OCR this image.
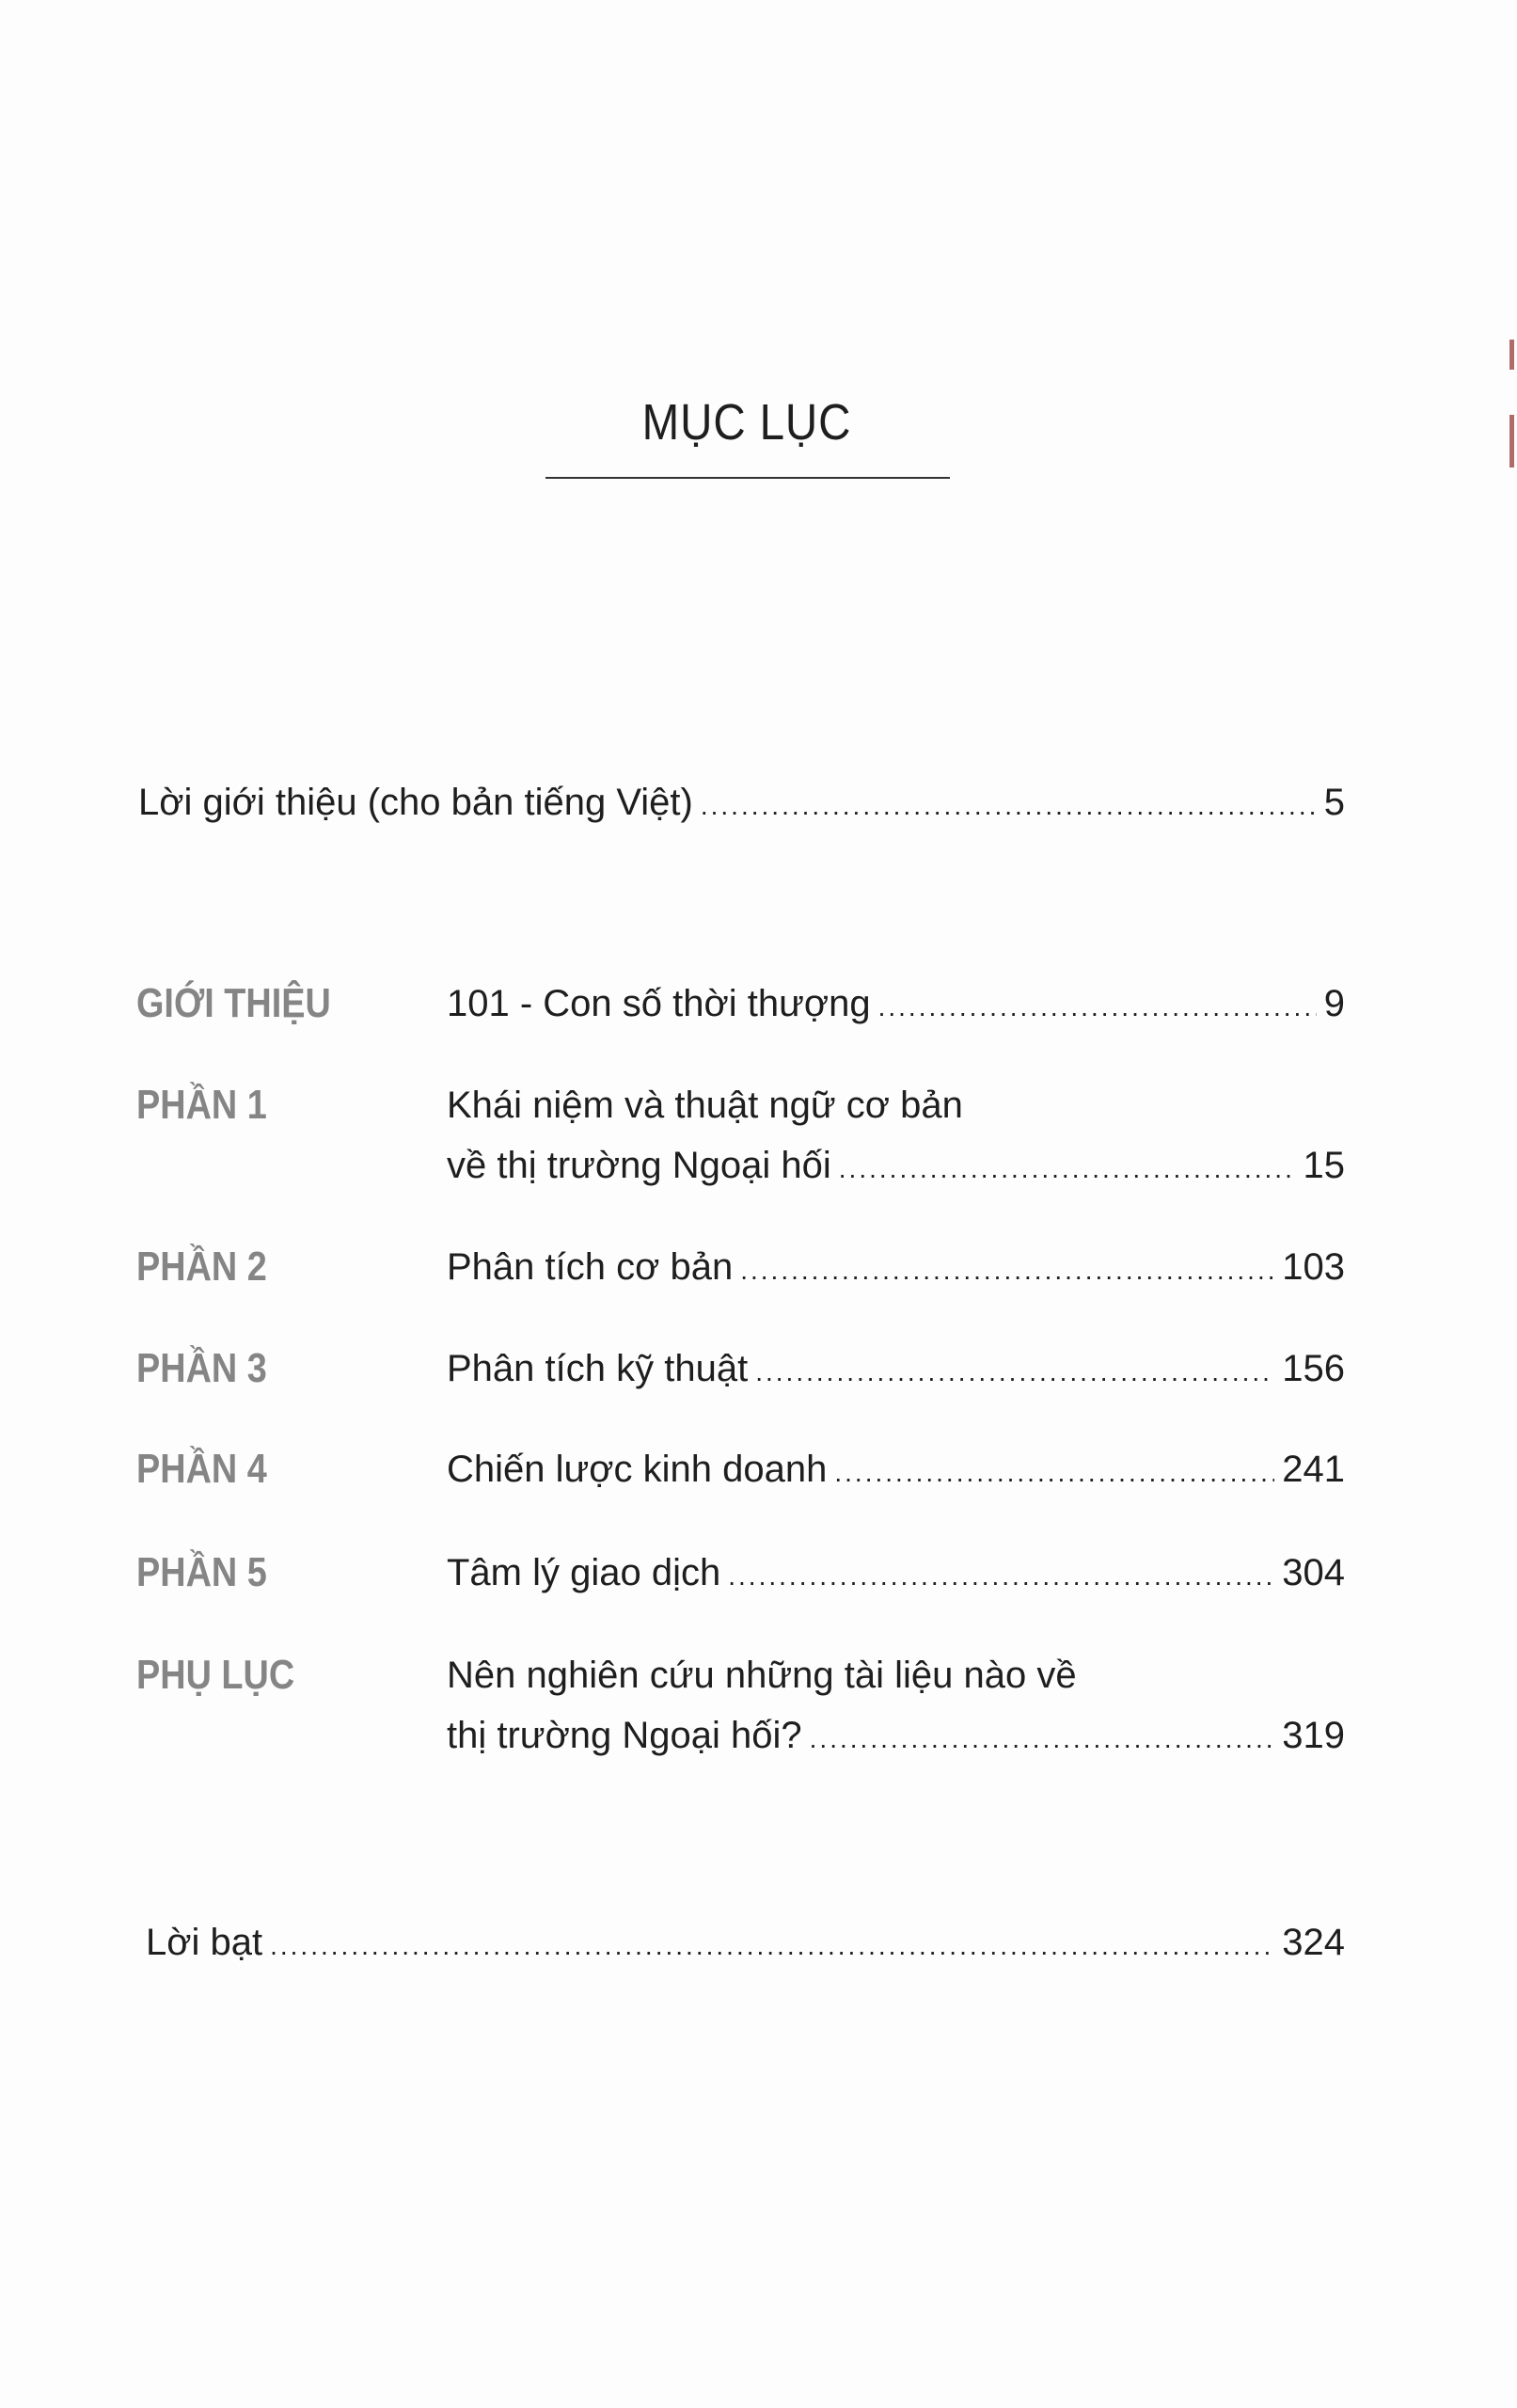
MỤC LỤC
Lời giới thiệu (cho bản tiếng Việt) .....	5
GIỚI THIỆU	101 - Con số thời thượng .....	9
PHẦN 1	Khái niệm và thuật ngữ cơ bản
về thị trường Ngoại hối .....	15
PHẦN 2	Phân tích cơ bản .....	103
PHẦN 3	Phân tích kỹ thuật .....	156
PHẦN 4	Chiến lược kinh doanh .....	241
PHẦN 5	Tâm lý giao dịch .....	304
PHỤ LỤC	Nên nghiên cứu những tài liệu nào về
thị trường Ngoại hối? .....	319
Lời bạt .....	324
